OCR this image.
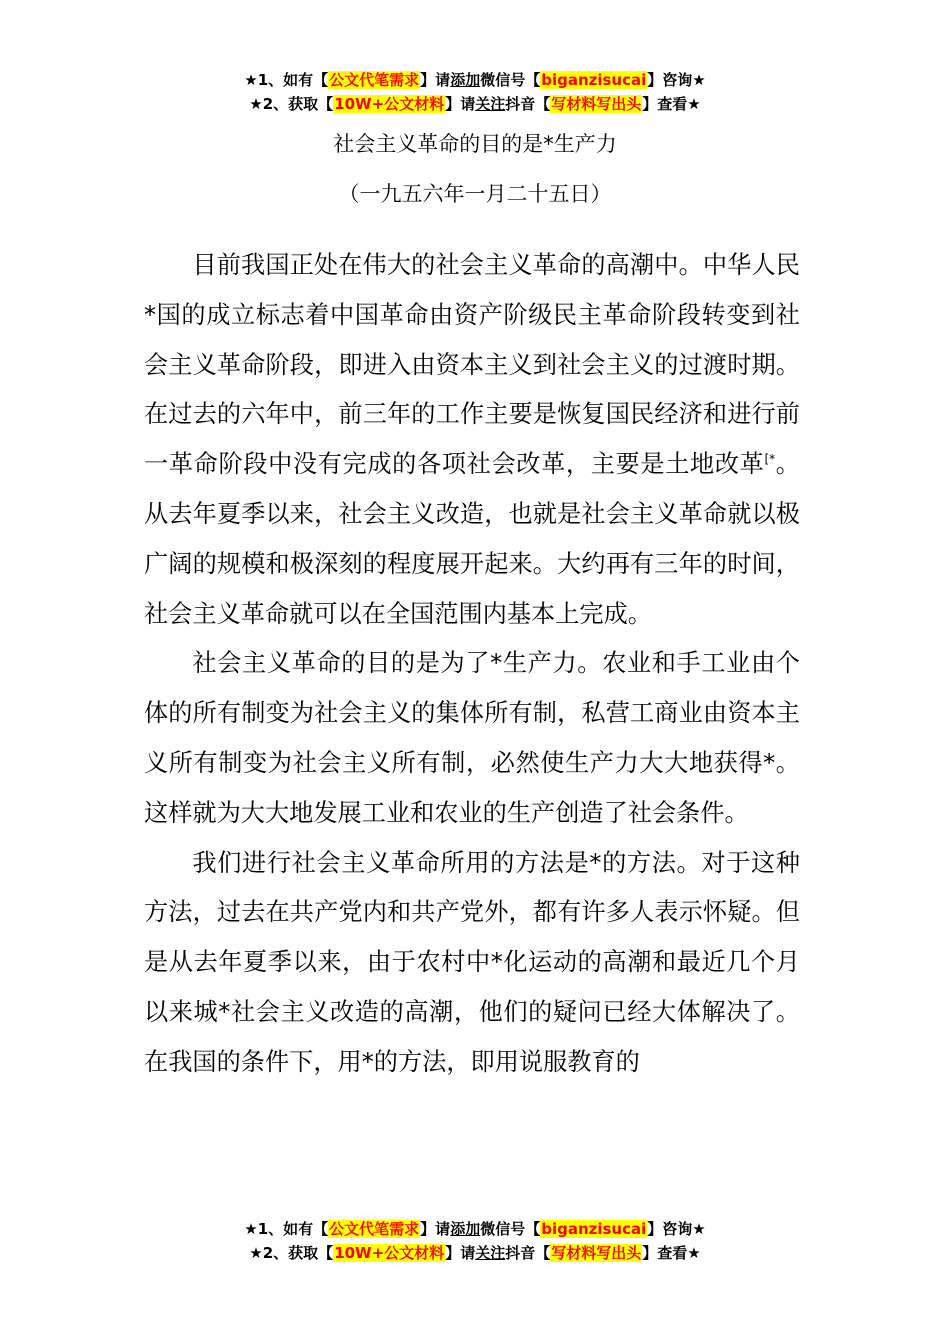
★1、如有【公文代笔需求】请添加微信号【biganzisucai】咨询★
★2、获取【10W+公文材料】请关注抖音【写材料写出头】查看★
社会主义革命的目的是*生产力
（一九五六年一月二十五日）

目前我国正处在伟大的社会主义革命的高潮中。中华人民*国的成立标志着中国革命由资产阶级民主革命阶段转变到社会主义革命阶段，即进入由资本主义到社会主义的过渡时期。在过去的六年中，前三年的工作主要是恢复国民经济和进行前一革命阶段中没有完成的各项社会改革，主要是土地改革[*。从去年夏季以来，社会主义改造，也就是社会主义革命就以极广阔的规模和极深刻的程度展开起来。大约再有三年的时间，社会主义革命就可以在全国范围内基本上完成。

社会主义革命的目的是为了*生产力。农业和手工业由个体的所有制变为社会主义的集体所有制，私营工商业由资本主义所有制变为社会主义所有制，必然使生产力大大地获得*。这样就为大大地发展工业和农业的生产创造了社会条件。

我们进行社会主义革命所用的方法是*的方法。对于这种方法，过去在共产党内和共产党外，都有许多人表示怀疑。但是从去年夏季以来，由于农村中*化运动的高潮和最近几个月以来城*社会主义改造的高潮，他们的疑问已经大体解决了。在我国的条件下，用*的方法，即用说服教育的

★1、如有【公文代笔需求】请添加微信号【biganzisucai】咨询★
★2、获取【10W+公文材料】请关注抖音【写材料写出头】查看★
